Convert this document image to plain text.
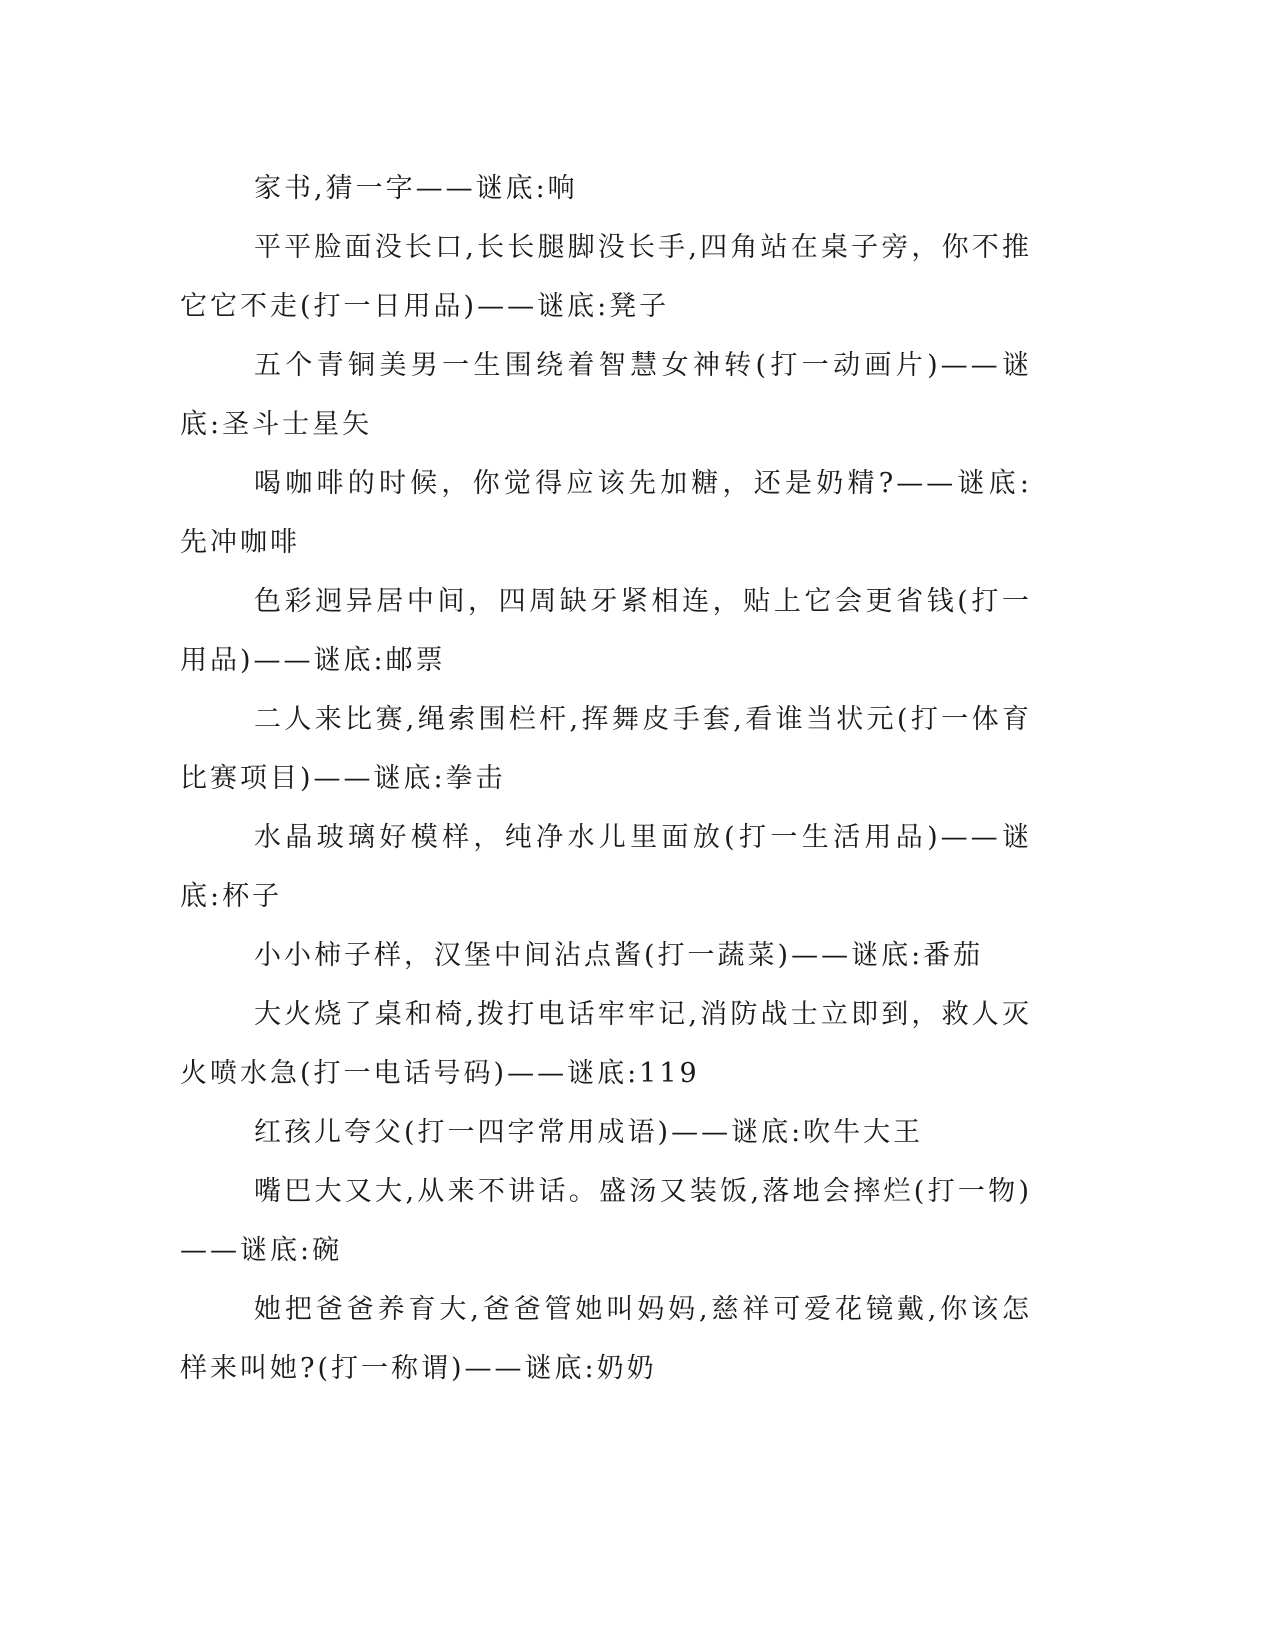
家书,猜一字——谜底:响

平平脸面没长口,长长腿脚没长手,四角站在桌子旁，你不推它它不走(打一日用品)——谜底:凳子

五个青铜美男一生围绕着智慧女神转(打一动画片)——谜底:圣斗士星矢

喝咖啡的时候，你觉得应该先加糖，还是奶精?——谜底:先冲咖啡

色彩迥异居中间，四周缺牙紧相连，贴上它会更省钱(打一用品)——谜底:邮票

二人来比赛,绳索围栏杆,挥舞皮手套,看谁当状元(打一体育比赛项目)——谜底:拳击

水晶玻璃好模样，纯净水儿里面放(打一生活用品)——谜底:杯子

小小柿子样，汉堡中间沾点酱(打一蔬菜)——谜底:番茄

大火烧了桌和椅,拨打电话牢牢记,消防战士立即到，救人灭火喷水急(打一电话号码)——谜底:119

红孩儿夸父(打一四字常用成语)——谜底:吹牛大王

嘴巴大又大,从来不讲话。盛汤又装饭,落地会摔烂(打一物)——谜底:碗

她把爸爸养育大,爸爸管她叫妈妈,慈祥可爱花镜戴,你该怎样来叫她?(打一称谓)——谜底:奶奶
